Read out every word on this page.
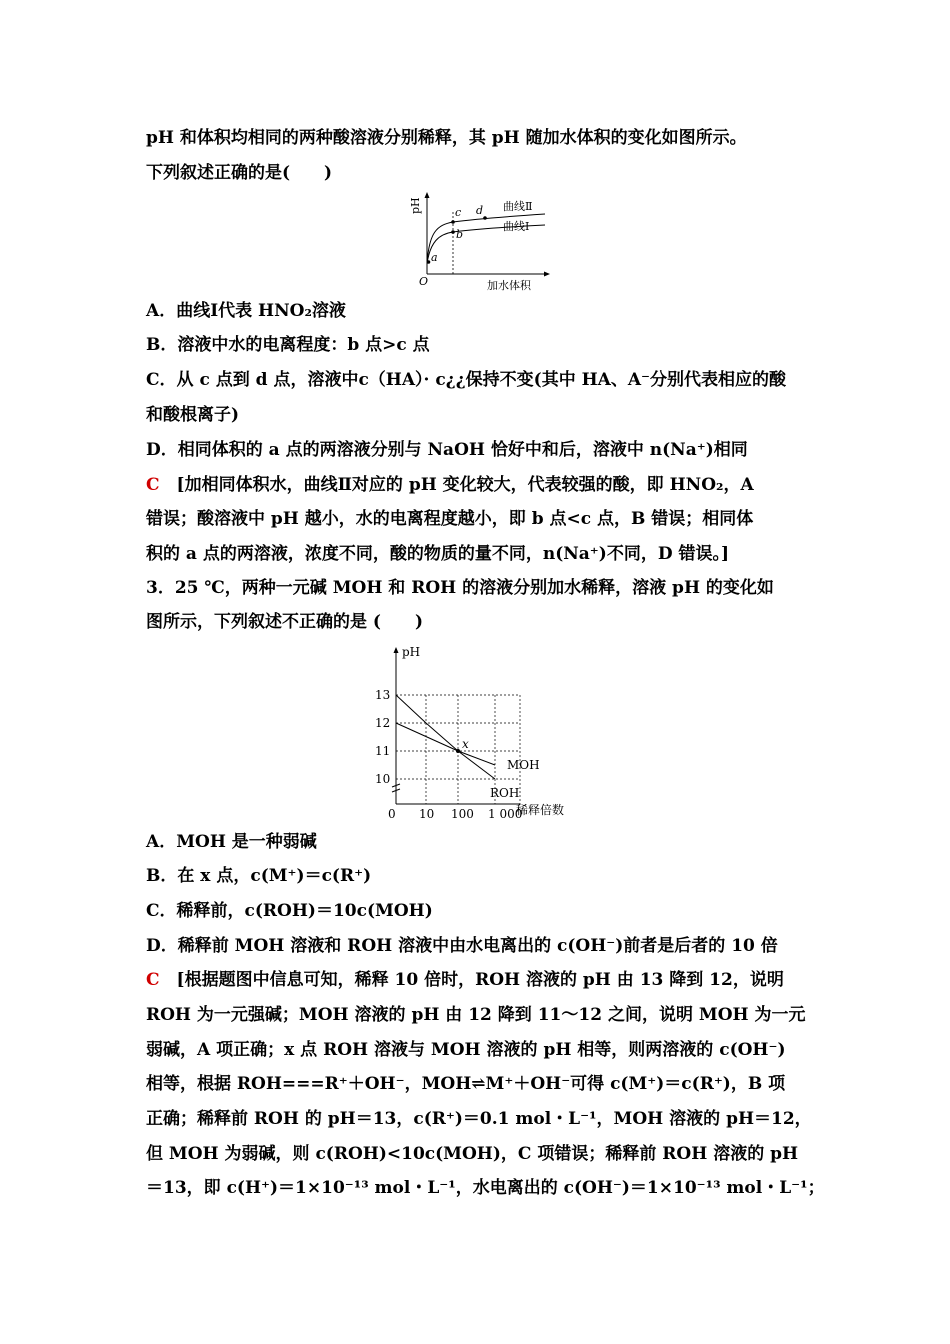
pH 和体积均相同的两种酸溶液分别稀释，其 pH 随加水体积的变化如图所示。
下列叙述正确的是(　　)
pH
O
a
b
c d 曲线Ⅱ
曲线Ⅰ
加水体积
A．曲线Ⅰ代表 HNO₂溶液
B．溶液中水的电离程度：b 点>c 点
C．从 c 点到 d 点，溶液中c（HA）· c¿¿保持不变(其中 HA、A⁻分别代表相应的酸
和酸根离子)
D．相同体积的 a 点的两溶液分别与 NaOH 恰好中和后，溶液中 n(Na⁺)相同
C　 [加相同体积水，曲线Ⅱ对应的 pH 变化较大，代表较强的酸，即 HNO₂，A
错误；酸溶液中 pH 越小，水的电离程度越小，即 b 点<c 点，B 错误；相同体
积的 a 点的两溶液，浓度不同，酸的物质的量不同，n(Na⁺)不同，D 错误。]
3．25 ℃，两种一元碱 MOH 和 ROH 的溶液分别加水稀释，溶液 pH 的变化如
图所示，下列叙述不正确的是 (　　)
ROH
MOH
x
10
11
12
13
0 10 100 1 000
pH
稀释倍数
A．MOH 是一种弱碱
B．在 x 点，c(M⁺)＝c(R⁺)
C．稀释前，c(ROH)＝10c(MOH)
D．稀释前 MOH 溶液和 ROH 溶液中由水电离出的 c(OH⁻)前者是后者的 10 倍
C　 [根据题图中信息可知，稀释 10 倍时，ROH 溶液的 pH 由 13 降到 12，说明
ROH 为一元强碱；MOH 溶液的 pH 由 12 降到 11～12 之间，说明 MOH 为一元
弱碱，A 项正确；x 点 ROH 溶液与 MOH 溶液的 pH 相等，则两溶液的 c(OH⁻)
相等，根据 ROH===R⁺＋OH⁻，MOH⇌M⁺＋OH⁻可得 c(M⁺)＝c(R⁺)，B 项
正确；稀释前 ROH 的 pH＝13，c(R⁺)＝0.1 mol・L⁻¹，MOH 溶液的 pH＝12，
但 MOH 为弱碱，则 c(ROH)<10c(MOH)，C 项错误；稀释前 ROH 溶液的 pH
＝13，即 c(H⁺)＝1×10⁻¹³ mol・L⁻¹，水电离出的 c(OH⁻)＝1×10⁻¹³ mol・L⁻¹；
